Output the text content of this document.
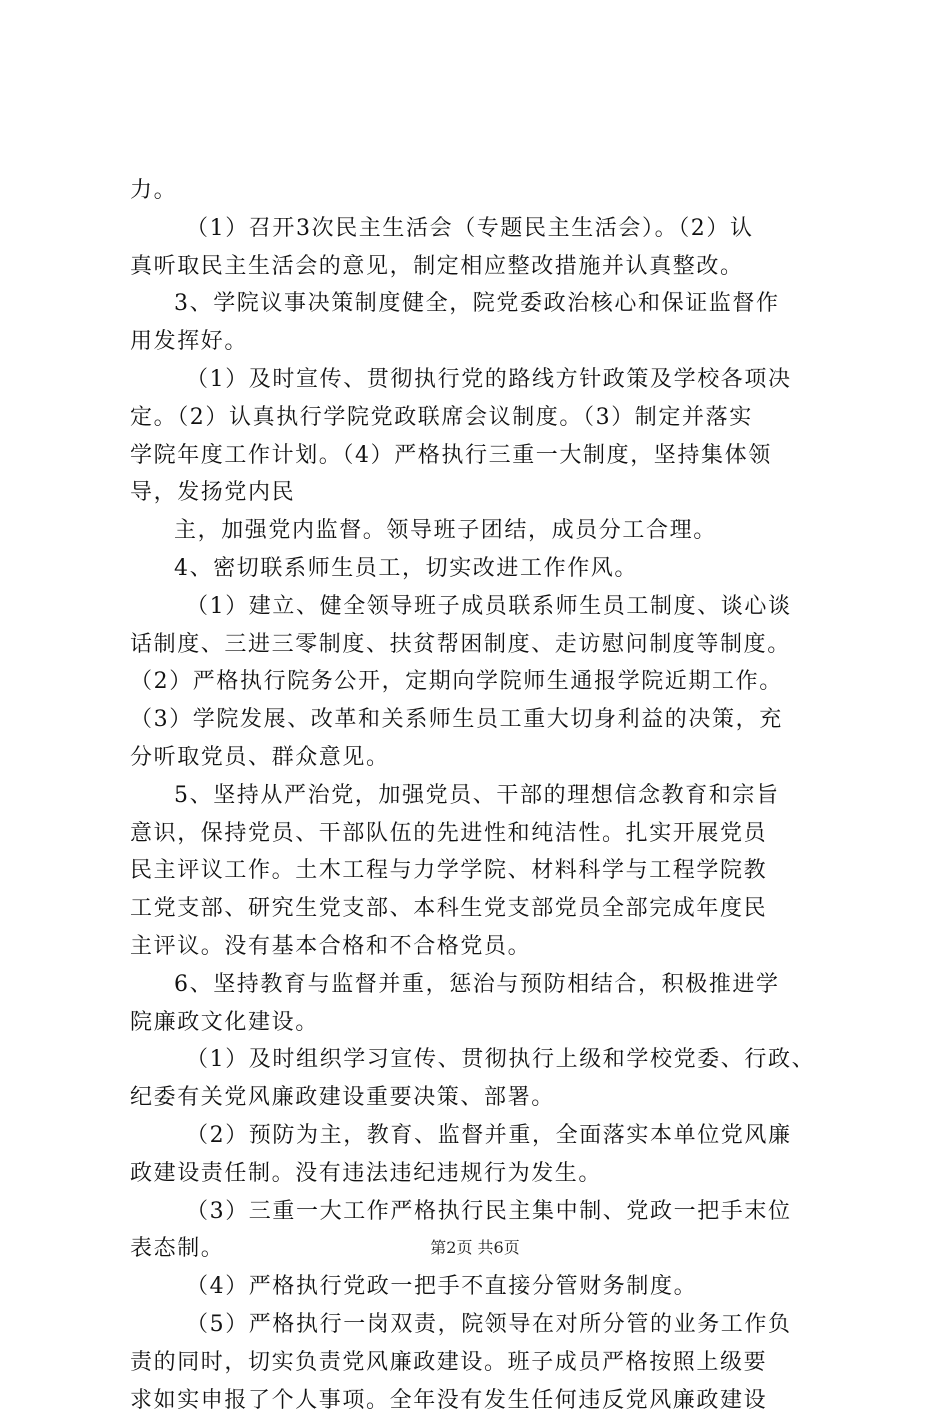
力。
（1）召开3次民主生活会（专题民主生活会）。（2）认
真听取民主生活会的意见，制定相应整改措施并认真整改。
3、学院议事决策制度健全，院党委政治核心和保证监督作
用发挥好。
（1）及时宣传、贯彻执行党的路线方针政策及学校各项决
定。（2）认真执行学院党政联席会议制度。（3）制定并落实
学院年度工作计划。（4）严格执行三重一大制度，坚持集体领
导，发扬党内民
主，加强党内监督。领导班子团结，成员分工合理。
4、密切联系师生员工，切实改进工作作风。
（1）建立、健全领导班子成员联系师生员工制度、谈心谈
话制度、三进三零制度、扶贫帮困制度、走访慰问制度等制度。
（2）严格执行院务公开，定期向学院师生通报学院近期工作。
（3）学院发展、改革和关系师生员工重大切身利益的决策，充
分听取党员、群众意见。
5、坚持从严治党，加强党员、干部的理想信念教育和宗旨
意识，保持党员、干部队伍的先进性和纯洁性。扎实开展党员
民主评议工作。土木工程与力学学院、材料科学与工程学院教
工党支部、研究生党支部、本科生党支部党员全部完成年度民
主评议。没有基本合格和不合格党员。
6、坚持教育与监督并重，惩治与预防相结合，积极推进学
院廉政文化建设。
（1）及时组织学习宣传、贯彻执行上级和学校党委、行政、
纪委有关党风廉政建设重要决策、部署。
（2）预防为主，教育、监督并重，全面落实本单位党风廉
政建设责任制。没有违法违纪违规行为发生。
（3）三重一大工作严格执行民主集中制、党政一把手末位
表态制。
（4）严格执行党政一把手不直接分管财务制度。
（5）严格执行一岗双责，院领导在对所分管的业务工作负
责的同时，切实负责党风廉政建设。班子成员严格按照上级要
求如实申报了个人事项。全年没有发生任何违反党风廉政建设
第2页 共6页
